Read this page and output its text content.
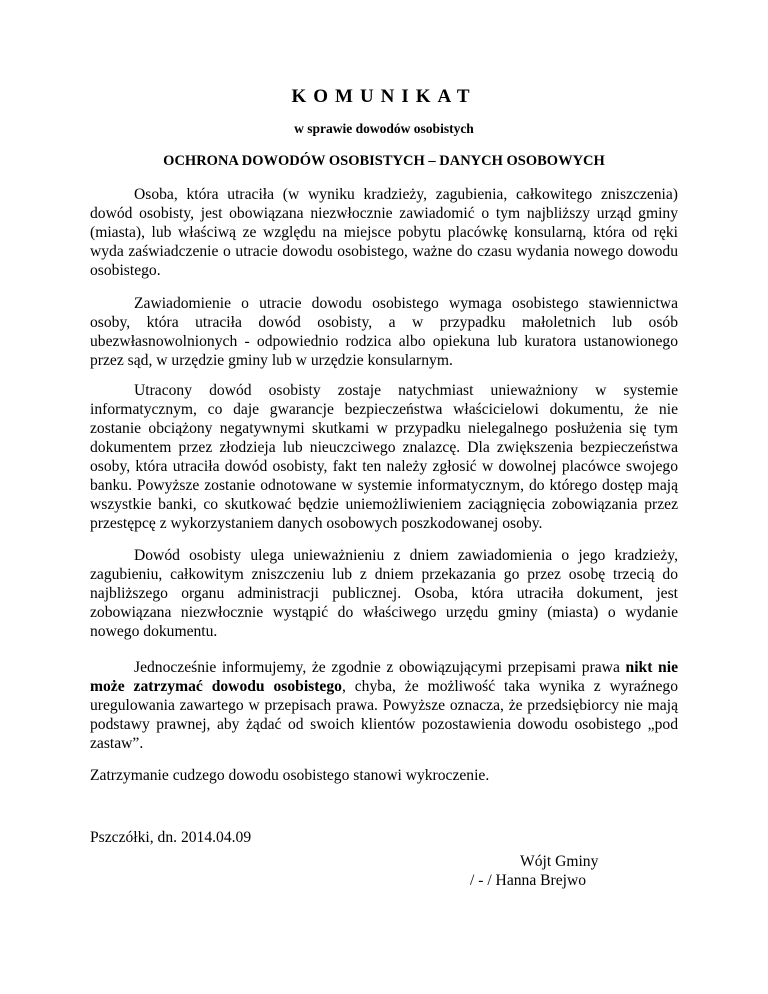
KOMUNIKAT

w sprawie dowodów osobistych

OCHRONA DOWODÓW OSOBISTYCH – DANYCH OSOBOWYCH

Osoba, która utraciła (w wyniku kradzieży, zagubienia, całkowitego zniszczenia) dowód osobisty, jest obowiązana niezwłocznie zawiadomić o tym najbliższy urząd gminy (miasta), lub właściwą ze względu na miejsce pobytu placówkę konsularną, która od ręki wyda zaświadczenie o utracie dowodu osobistego, ważne do czasu wydania nowego dowodu osobistego.

Zawiadomienie o utracie dowodu osobistego wymaga osobistego stawiennictwa osoby, która utraciła dowód osobisty, a w przypadku małoletnich lub osób ubezwłasnowolnionych - odpowiednio rodzica albo opiekuna lub kuratora ustanowionego przez sąd, w urzędzie gminy lub w urzędzie konsularnym.

Utracony dowód osobisty zostaje natychmiast unieważniony w systemie informatycznym, co daje gwarancje bezpieczeństwa właścicielowi dokumentu, że nie zostanie obciążony negatywnymi skutkami w przypadku nielegalnego posłużenia się tym dokumentem przez złodzieja lub nieuczciwego znalazcę. Dla zwiększenia bezpieczeństwa osoby, która utraciła dowód osobisty, fakt ten należy zgłosić w dowolnej placówce swojego banku. Powyższe zostanie odnotowane w systemie informatycznym, do którego dostęp mają wszystkie banki, co skutkować będzie uniemożliwieniem zaciągnięcia zobowiązania przez przestępcę z wykorzystaniem danych osobowych poszkodowanej osoby.

Dowód osobisty ulega unieważnieniu z dniem zawiadomienia o jego kradzieży, zagubieniu, całkowitym zniszczeniu lub z dniem przekazania go przez osobę trzecią do najbliższego organu administracji publicznej. Osoba, która utraciła dokument, jest zobowiązana niezwłocznie wystąpić do właściwego urzędu gminy (miasta) o wydanie nowego dokumentu.

Jednocześnie informujemy, że zgodnie z obowiązującymi przepisami prawa nikt nie może zatrzymać dowodu osobistego, chyba, że możliwość taka wynika z wyraźnego uregulowania zawartego w przepisach prawa. Powyższe oznacza, że przedsiębiorcy nie mają podstawy prawnej, aby żądać od swoich klientów pozostawienia dowodu osobistego „pod zastaw”.

Zatrzymanie cudzego dowodu osobistego stanowi wykroczenie.

Pszczółki, dn. 2014.04.09

Wójt Gminy
/ - / Hanna Brejwo
